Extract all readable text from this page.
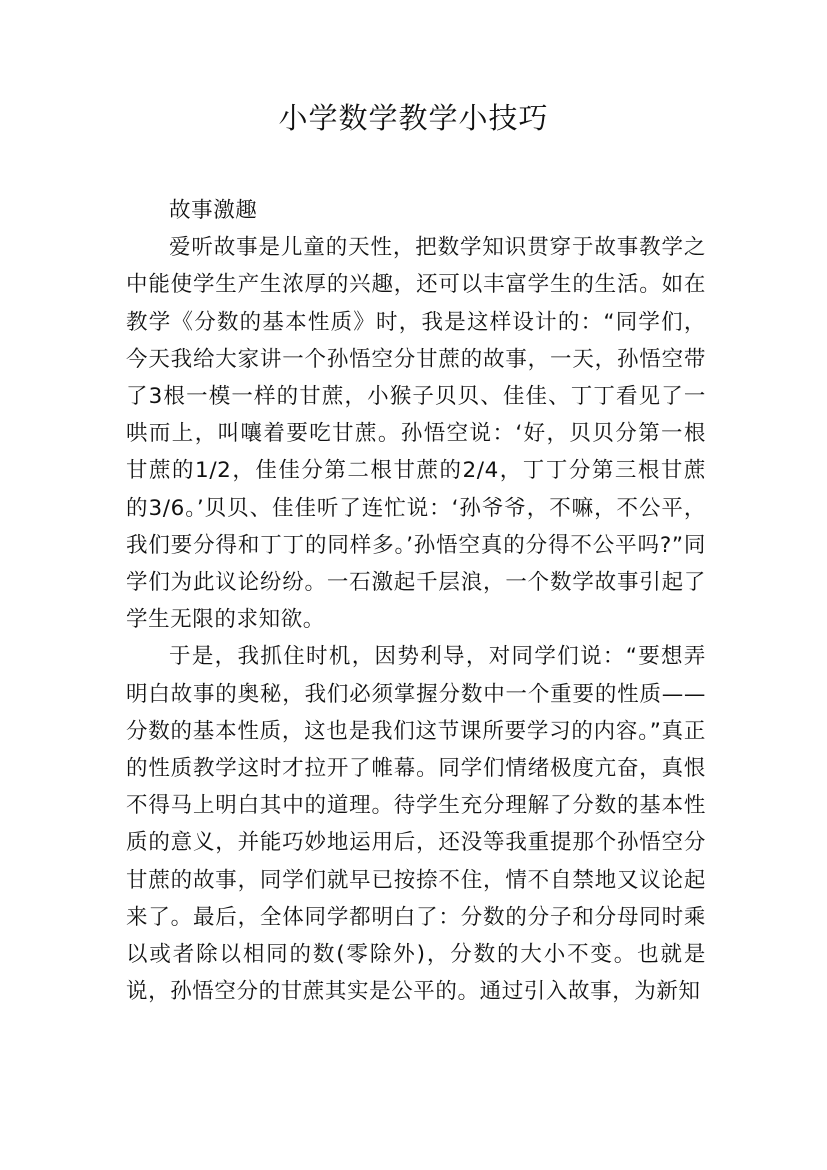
小学数学教学小技巧

故事激趣

爱听故事是儿童的天性，把数学知识贯穿于故事教学之中能使学生产生浓厚的兴趣，还可以丰富学生的生活。如在教学《分数的基本性质》时，我是这样设计的：“同学们，今天我给大家讲一个孙悟空分甘蔗的故事，一天，孙悟空带了3根一模一样的甘蔗，小猴子贝贝、佳佳、丁丁看见了一哄而上，叫嚷着要吃甘蔗。孙悟空说：‘好，贝贝分第一根甘蔗的1/2，佳佳分第二根甘蔗的2/4，丁丁分第三根甘蔗的3/6。’贝贝、佳佳听了连忙说：‘孙爷爷，不嘛，不公平，我们要分得和丁丁的同样多。’孙悟空真的分得不公平吗?”同学们为此议论纷纷。一石激起千层浪，一个数学故事引起了学生无限的求知欲。

于是，我抓住时机，因势利导，对同学们说：“要想弄明白故事的奥秘，我们必须掌握分数中一个重要的性质——分数的基本性质，这也是我们这节课所要学习的内容。”真正的性质教学这时才拉开了帷幕。同学们情绪极度亢奋，真恨不得马上明白其中的道理。待学生充分理解了分数的基本性质的意义，并能巧妙地运用后，还没等我重提那个孙悟空分甘蔗的故事，同学们就早已按捺不住，情不自禁地又议论起来了。最后，全体同学都明白了：分数的分子和分母同时乘以或者除以相同的数(零除外)，分数的大小不变。也就是说，孙悟空分的甘蔗其实是公平的。通过引入故事，为新知
